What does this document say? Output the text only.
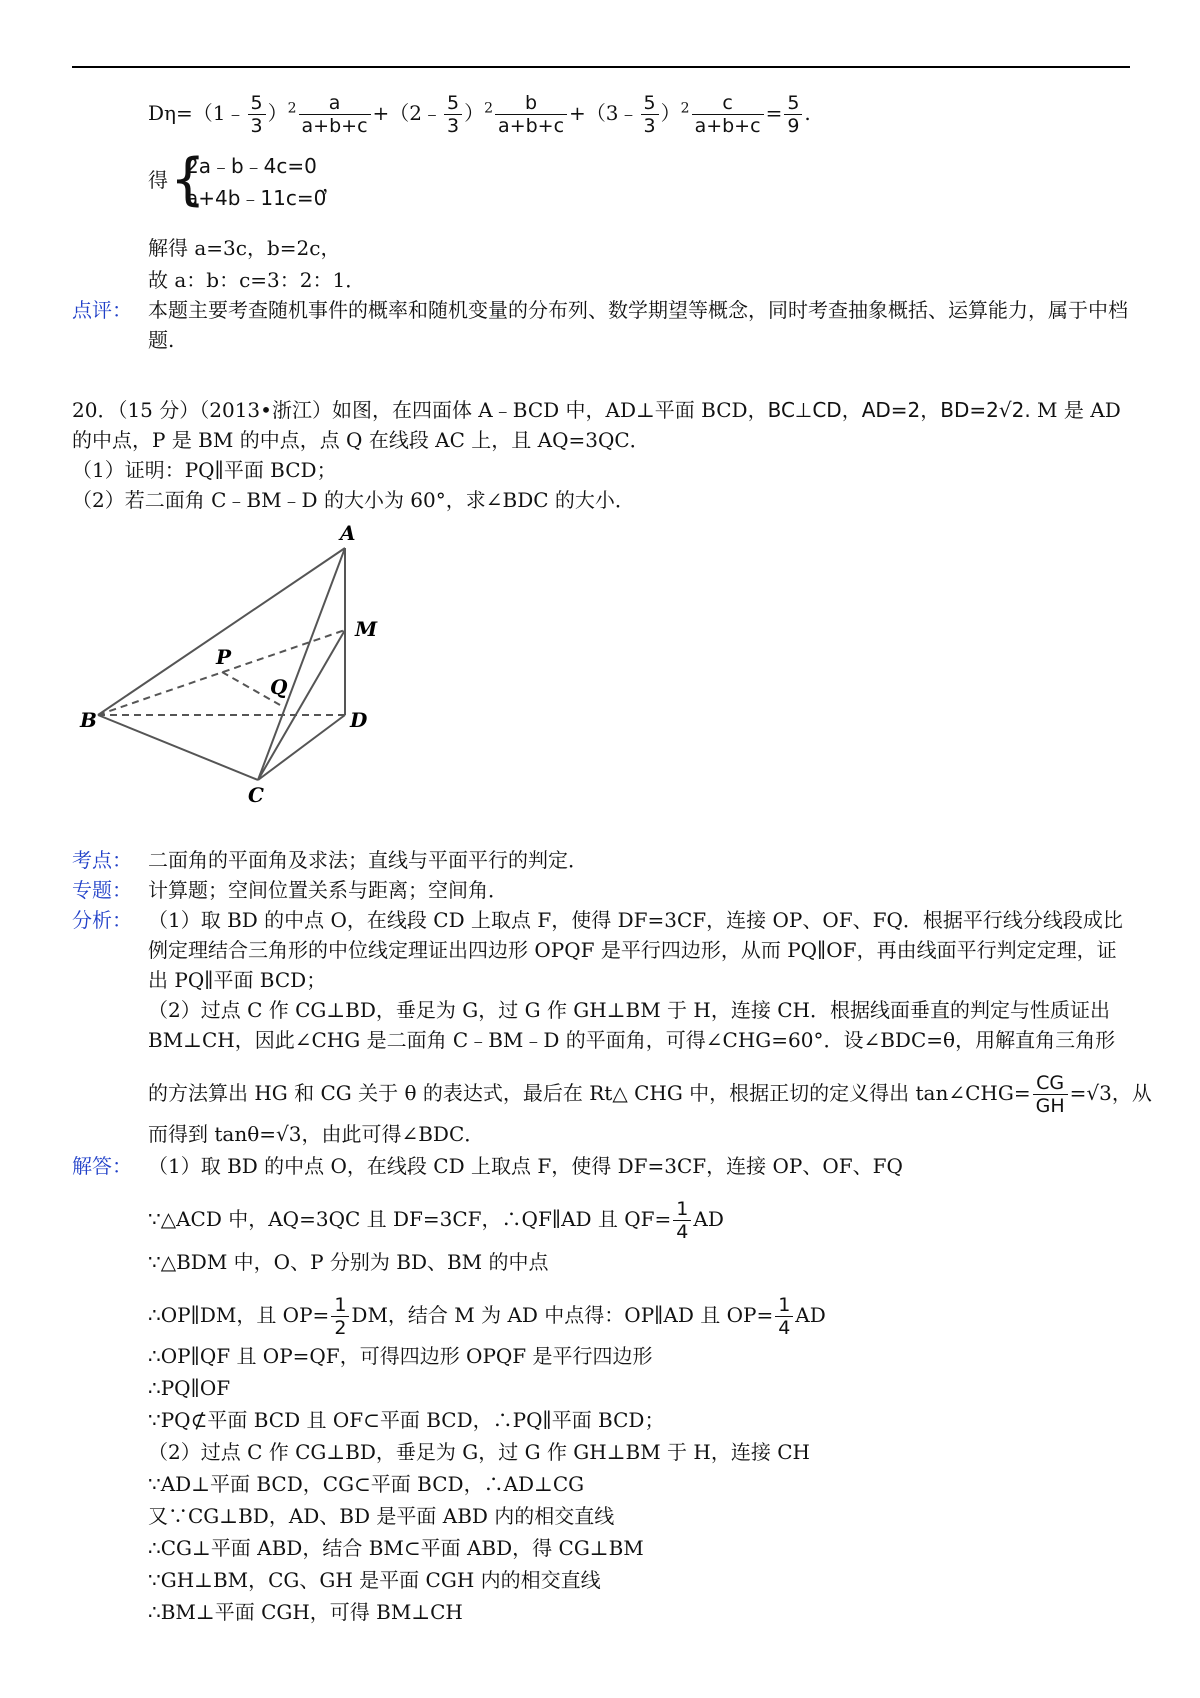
Dη=（1﹣ $\frac{5}{3} )^2 \frac{a}{a+b+c}$ +（2﹣ $\frac{5}{3} )^2 \frac{b}{a+b+c}$ +（3﹣ $\frac{5}{3} )^2 \frac{c}{a+b+c} = \frac{5}{9}$ .
得 {
2a﹣b﹣4c=0
a+4b﹣11c=0
，
解得 a=3c，b=2c，
故 a：b：c=3：2：1．
点评： 本题主要考查随机事件的概率和随机变量的分布列、数学期望等概念，同时考查抽象概括、运算能力，属于中档题.
20．（15 分）（2013•浙江）如图，在四面体 A﹣BCD 中，AD⊥平面 BCD，BC⊥CD，AD=2，BD=2√2. M 是 AD
的中点，P 是 BM 的中点，点 Q 在线段 AC 上，且 AQ=3QC．
（1）证明：PQ∥平面 BCD；
（2）若二面角 C﹣BM﹣D 的大小为 60°，求∠BDC 的大小．
A
M
P
Q
B	D
C
考点： 二面角的平面角及求法；直线与平面平行的判定．
专题： 计算题；空间位置关系与距离；空间角．
分析： （1）取 BD 的中点 O，在线段 CD 上取点 F，使得 DF=3CF，连接 OP、OF、FQ．根据平行线分线段成比例定理结合三角形的中位线定理证出四边形 OPQF 是平行四边形，从而 PQ∥OF，再由线面平行判定定理，证出 PQ∥平面 BCD；
（2）过点 C 作 CG⊥BD，垂足为 G，过 G 作 GH⊥BM 于 H，连接 CH．根据线面垂直的判定与性质证出 BM⊥CH，因此∠CHG 是二面角 C﹣BM﹣D 的平面角，可得∠CHG=60°．设∠BDC=θ，用解直角三角形
的方法算出 HG 和 CG 关于 θ 的表达式，最后在 Rt△ CHG 中，根据正切的定义得出 tan∠CHG= $\frac{CG}{GH} =√3$，从
而得到 tanθ=√3，由此可得∠BDC．
解答： （1）取 BD 的中点 O，在线段 CD 上取点 F，使得 DF=3CF，连接 OP、OF、FQ
∵△ACD 中，AQ=3QC 且 DF=3CF，∴QF∥AD 且 $QF= \frac{1}{4}$ AD
∵△BDM 中，O、P 分别为 BD、BM 的中点
∴OP∥DM，且 $OP= \frac{1}{2}$ DM，结合 M 为 AD 中点得：OP∥AD 且 $OP= \frac{1}{4}$ AD
∴OP∥QF 且 OP=QF，可得四边形 OPQF 是平行四边形
∴PQ∥OF
∵PQ⊄平面 BCD 且 OF⊂平面 BCD，∴PQ∥平面 BCD；
（2）过点 C 作 CG⊥BD，垂足为 G，过 G 作 GH⊥BM 于 H，连接 CH
∵AD⊥平面 BCD，CG⊂平面 BCD，∴AD⊥CG
又∵CG⊥BD，AD、BD 是平面 ABD 内的相交直线
∴CG⊥平面 ABD，结合 BM⊂平面 ABD，得 CG⊥BM
∵GH⊥BM，CG、GH 是平面 CGH 内的相交直线
∴BM⊥平面 CGH，可得 BM⊥CH
